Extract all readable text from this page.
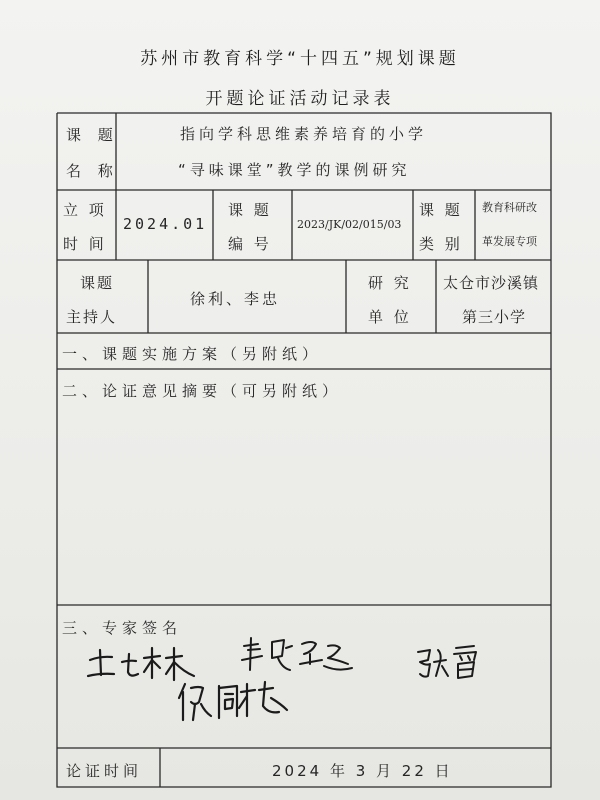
苏州市教育科学“十四五”规划课题
开题论证活动记录表
课 题
名 称
指向学科思维素养培育的小学
“寻味课堂”教学的课例研究
立 项
时 间
2024.01
课 题
编 号
2023/JK/02/015/03
课 题
类 别
教育科研改
革发展专项
课题
主持人
徐利、李忠
研 究
单 位
太仓市沙溪镇
第三小学
一、课题实施方案（另附纸）
二、论证意见摘要（可另附纸）
三、专家签名
论证时间	2024 年 3 月 22 日
